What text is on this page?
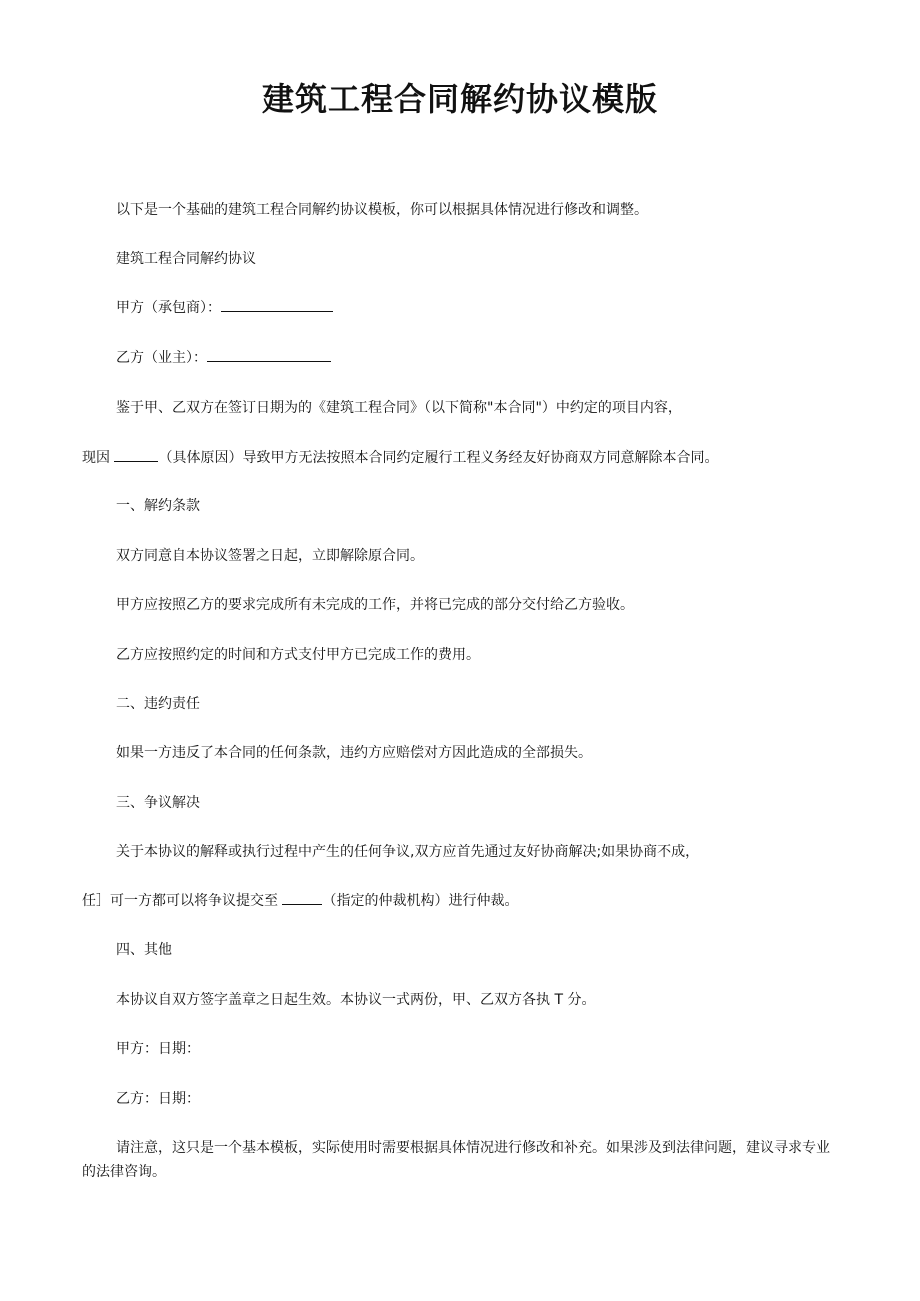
建筑工程合同解约协议模版
以下是一个基础的建筑工程合同解约协议模板，你可以根据具体情况进行修改和调整。
建筑工程合同解约协议
甲方（承包商）：
乙方（业主）：
鉴于甲、乙双方在签订日期为的《建筑工程合同》（以下简称"本合同"）中约定的项目内容，
现因	（具体原因）导致甲方无法按照本合同约定履行工程义务经友好协商双方同意解除本合同。
一、解约条款
双方同意自本协议签署之日起，立即解除原合同。
甲方应按照乙方的要求完成所有未完成的工作，并将已完成的部分交付给乙方验收。
乙方应按照约定的时间和方式支付甲方已完成工作的费用。
二、违约责任
如果一方违反了本合同的任何条款，违约方应赔偿对方因此造成的全部损失。
三、争议解决
关于本协议的解释或执行过程中产生的任何争议,双方应首先通过友好协商解决;如果协商不成，
任］可一方都可以将争议提交至	（指定的仲裁机构）进行仲裁。
四、其他
本协议自双方签字盖章之日起生效。本协议一式两份，甲、乙双方各执 T 分。
甲方：日期：
乙方：日期：
请注意，这只是一个基本模板，实际使用时需要根据具体情况进行修改和补充。如果涉及到法律问题，建议寻求专业的法律咨询。
